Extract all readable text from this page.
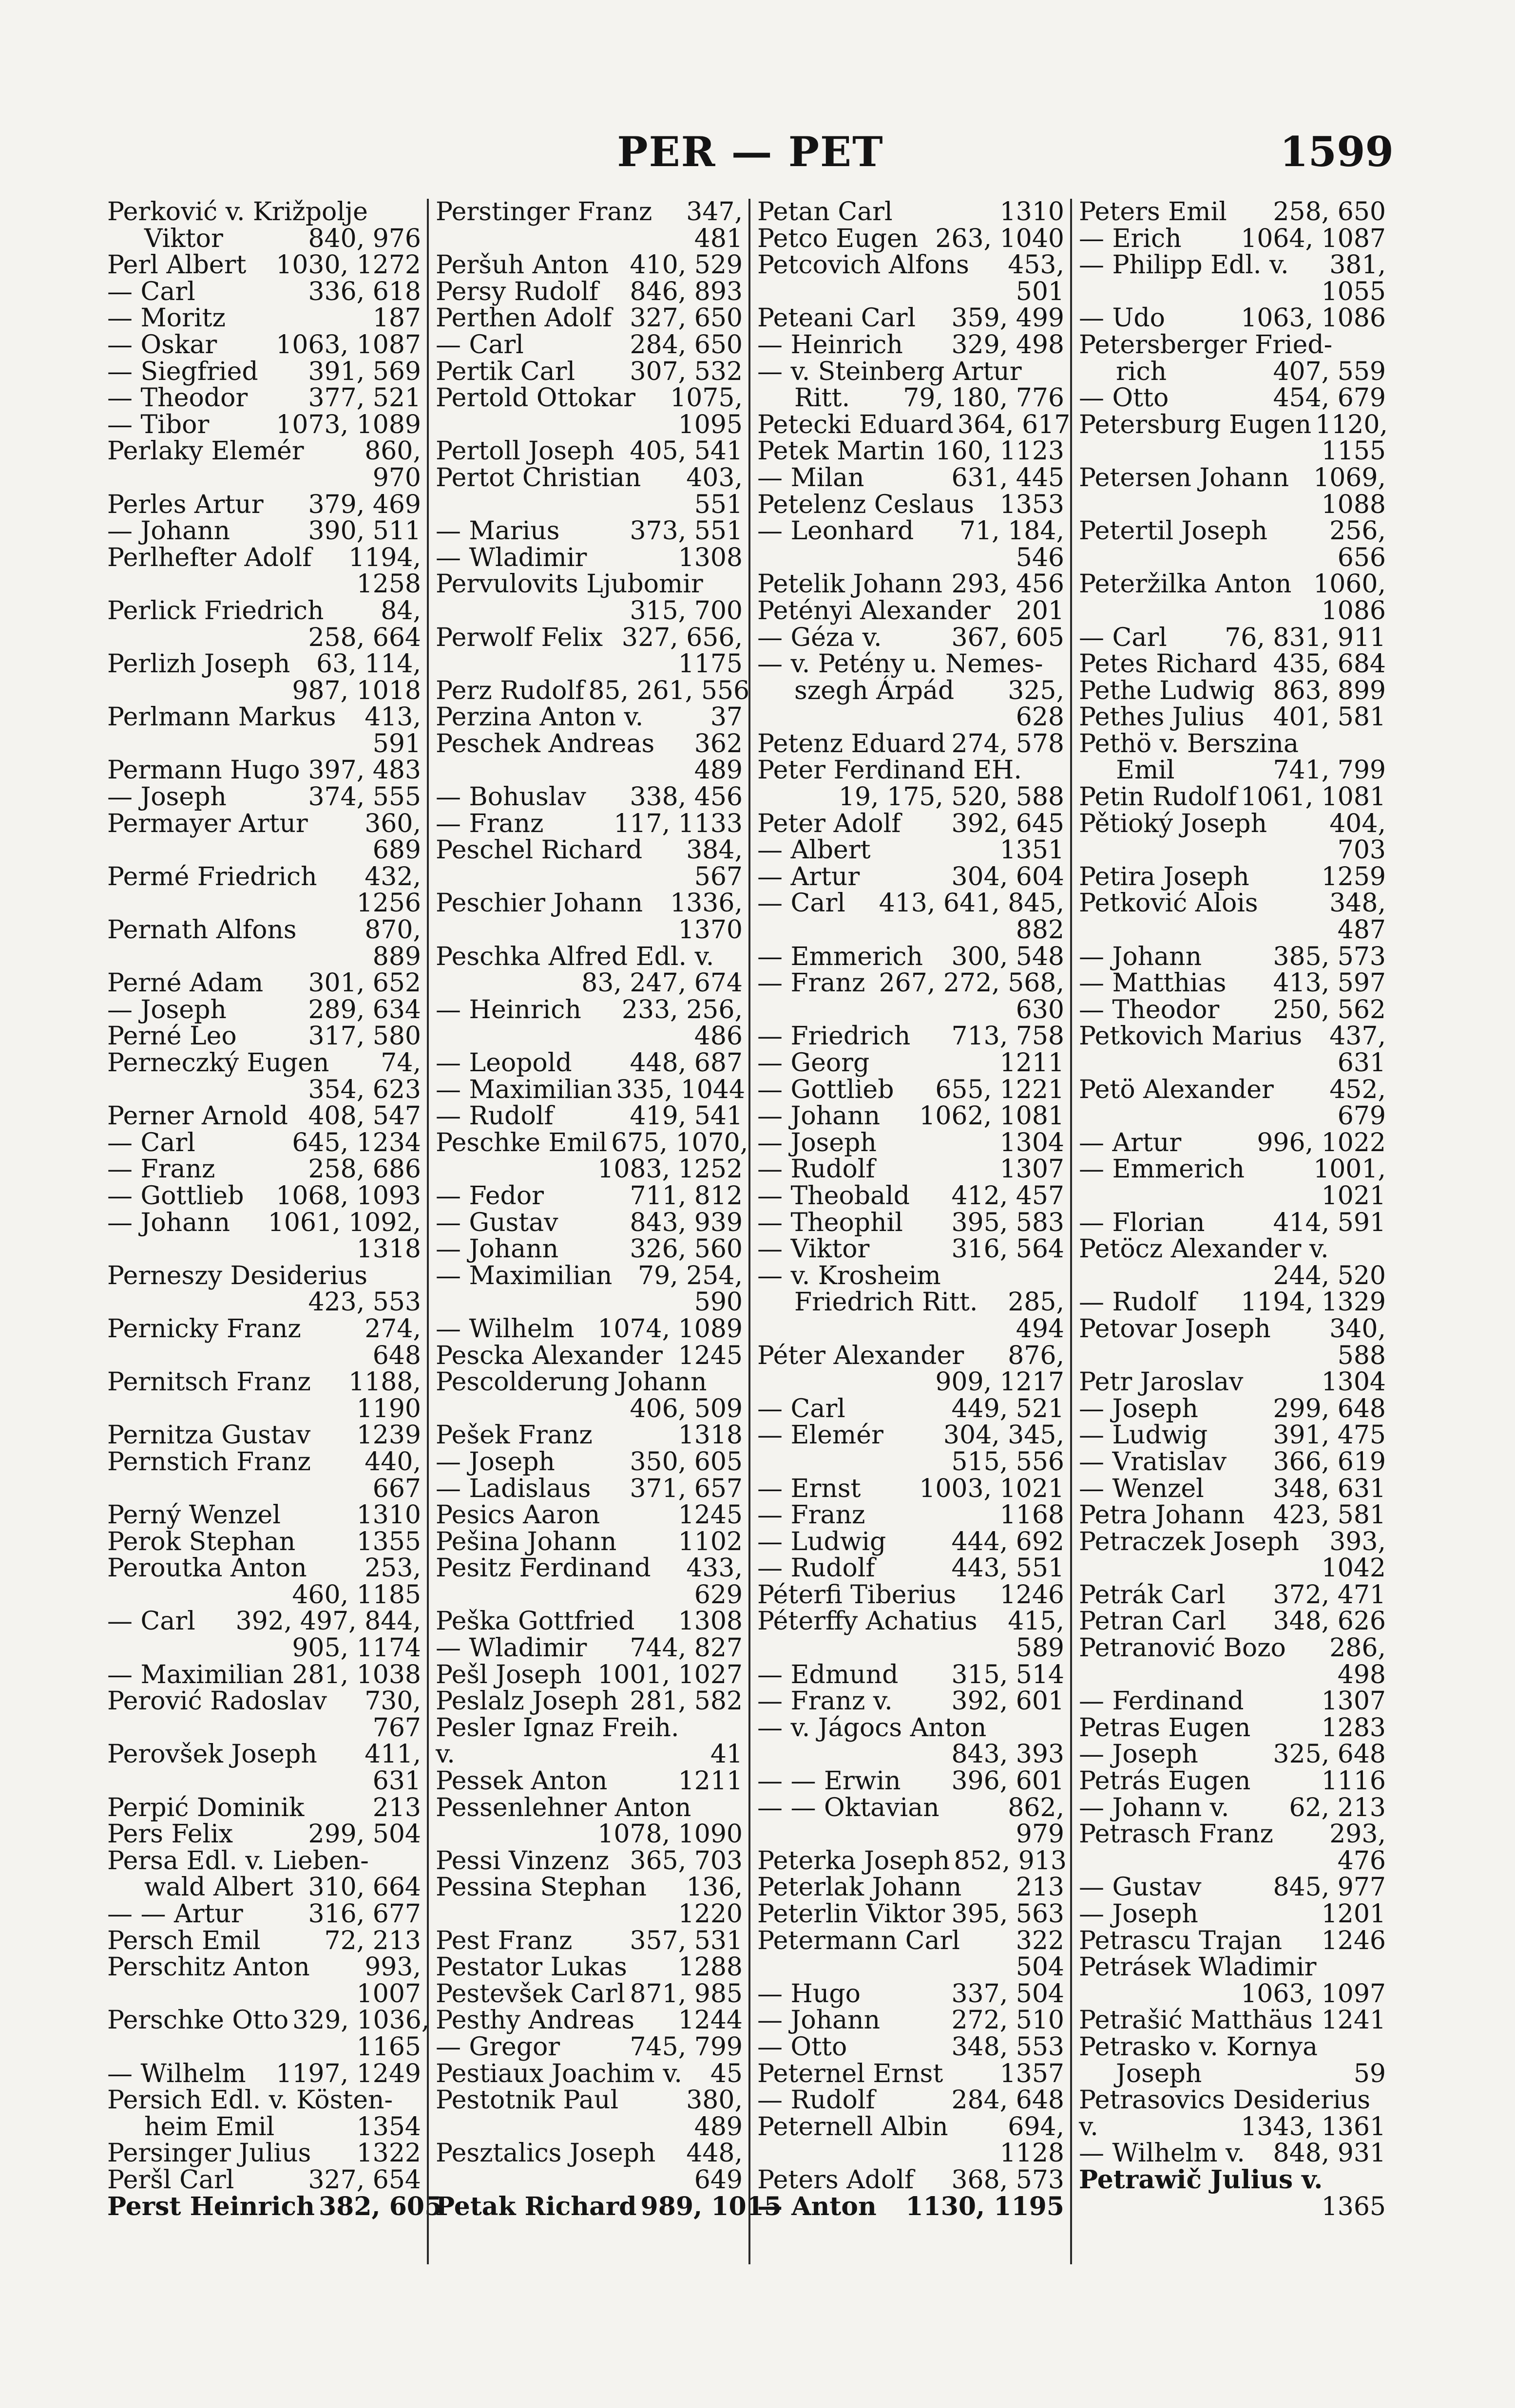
PER — PET	1599
Perković v. Križpolje
Viktor	840, 976
Perl Albert 1030, 1272
— Carl	336, 618
— Moritz	187
— Oskar 1063, 1087
— Siegfried 391, 569
— Theodor 377, 521
— Tibor	1073, 1089
Perlaky Elemér 860,
970
Perles Artur 379, 469
— Johann	390, 511
Perlhefter Adolf 1194,
1258
Perlick Friedrich 84,
258, 664
Perlizh Joseph 63, 114,
987, 1018
Perlmann Markus 413,
591
Permann Hugo 397, 483
— Joseph	374, 555
Permayer Artur 360,
689
Permé Friedrich 432,
1256
Pernath Alfons	870,
889
Perné Adam 301, 652
— Joseph	289, 634
Perné Leo	317, 580
Perneczký Eugen 74,
354, 623
Perner Arnold 408, 547
— Carl	645, 1234
— Franz	258, 686
— Gottlieb 1068, 1093
— Johann 1061, 1092,
1318
Perneszy Desiderius
423, 553
Pernicky Franz	274,
648
Pernitsch Franz 1188,
1190
Pernitza Gustav 1239
Pernstich Franz 440,
667
Perný Wenzel	1310
Perok Stephan 1355
Peroutka Anton 253,
460, 1185
— Carl 392, 497, 844,
905, 1174
— Maximilian 281, 1038
Perović Radoslav 730,
767
Perovšek Joseph 411,
631
Perpić Dominik	213
Pers Felix	299, 504
Persa Edl. v. Lieben-
wald Albert 310, 664
— — Artur	316, 677
Persch Emil	72, 213
Perschitz Anton 993,
1007
Perschke Otto 329, 1036,
1165
— Wilhelm 1197, 1249
Persich Edl. v. Kösten-
heim Emil	1354
Persinger Julius 1322
Peršl Carl	327, 654
Perst Heinrich 382, 605
Perstinger Franz 347,
481
Peršuh Anton 410, 529
Persy Rudolf 846, 893
Perthen Adolf 327, 650
— Carl	284, 650
Pertik Carl 307, 532
Pertold Ottokar 1075,
1095
Pertoll Joseph 405, 541
Pertot Christian 403,
551
— Marius	373, 551
— Wladimir	1308
Pervulovits Ljubomir
315, 700
Perwolf Felix 327, 656,
1175
Perz Rudolf 85, 261, 556
Perzina Anton v.	37
Peschek Andreas 362
489
— Bohuslav 338, 456
— Franz	117, 1133
Peschel Richard 384,
567
Peschier Johann 1336,
1370
Peschka Alfred Edl. v.
83, 247, 674
— Heinrich 233, 256,
486
— Leopold 448, 687
— Maximilian 335, 1044
— Rudolf	419, 541
Peschke Emil 675, 1070,
1083, 1252
— Fedor	711, 812
— Gustav	843, 939
— Johann	326, 560
— Maximilian 79, 254,
590
— Wilhelm 1074, 1089
Pescka Alexander 1245
Pescolderung Johann
406, 509
Pešek Franz	1318
— Joseph	350, 605
— Ladislaus 371, 657
Pesics Aaron	1245
Pešina Johann 1102
Pesitz Ferdinand 433,
629
Peška Gottfried 1308
— Wladimir 744, 827
Pešl Joseph 1001, 1027
Peslalz Joseph 281, 582
Pesler Ignaz Freih.
v.	41
Pessek Anton	1211
Pessenlehner Anton
1078, 1090
Pessi Vinzenz 365, 703
Pessina Stephan 136,
1220
Pest Franz 357, 531
Pestator Lukas 1288
Pestevšek Carl 871, 985
Pesthy Andreas 1244
— Gregor	745, 799
Pestiaux Joachim v. 45
Pestotnik Paul	380,
489
Pesztalics Joseph 448,
649
Petak Richard 989, 1015
Petan Carl	1310
Petco Eugen 263, 1040
Petcovich Alfons 453,
501
Peteani Carl 359, 499
— Heinrich 329, 498
— v. Steinberg Artur
Ritt. 79, 180, 776
Petecki Eduard 364, 617
Petek Martin 160, 1123
— Milan	631, 445
Petelenz Ceslaus 1353
— Leonhard 71, 184,
546
Petelik Johann 293, 456
Petényi Alexander 201
— Géza v.	367, 605
— v. Petény u. Nemes-
szegh Árpád 325,
628
Petenz Eduard 274, 578
Peter Ferdinand EH.
19, 175, 520, 588
Peter Adolf 392, 645
— Albert	1351
— Artur	304, 604
— Carl 413, 641, 845,
882
— Emmerich 300, 548
— Franz 267, 272, 568,
630
— Friedrich 713, 758
— Georg	1211
— Gottlieb 655, 1221
— Johann 1062, 1081
— Joseph	1304
— Rudolf	1307
— Theobald 412, 457
— Theophil 395, 583
— Viktor	316, 564
— v. Krosheim
Friedrich Ritt. 285,
494
Péter Alexander 876,
909, 1217
— Carl	449, 521
— Elemér 304, 345,
515, 556
— Ernst 1003, 1021
— Franz	1168
— Ludwig	444, 692
— Rudolf	443, 551
Péterfi Tiberius 1246
Péterffy Achatius 415,
589
— Edmund 315, 514
— Franz v. 392, 601
— v. Jágocs Anton
843, 393
— — Erwin 396, 601
— — Oktavian	862,
979
Peterka Joseph 852, 913
Peterlak Johann 213
Peterlin Viktor 395, 563
Petermann Carl 322
504
— Hugo	337, 504
— Johann	272, 510
— Otto	348, 553
Peternel Ernst 1357
— Rudolf	284, 648
Peternell Albin 694,
1128
Peters Adolf 368, 573
— Anton 1130, 1195
Peters Emil 258, 650
— Erich 1064, 1087
— Philipp Edl. v. 381,
1055
— Udo	1063, 1086
Petersberger Fried-
rich	407, 559
— Otto	454, 679
Petersburg Eugen 1120,
1155
Petersen Johann 1069,
1088
Petertil Joseph 256,
656
Peteržilka Anton 1060,
1086
— Carl 76, 831, 911
Petes Richard 435, 684
Pethe Ludwig 863, 899
Pethes Julius 401, 581
Pethö v. Berszina
Emil	741, 799
Petin Rudolf 1061, 1081
Pětioký Joseph 404,
703
Petira Joseph	1259
Petković Alois	348,
487
— Johann	385, 573
— Matthias 413, 597
— Theodor 250, 562
Petkovich Marius 437,
631
Petö Alexander 452,
679
— Artur	996, 1022
— Emmerich	1001,
1021
— Florian	414, 591
Petöcz Alexander v.
244, 520
— Rudolf 1194, 1329
Petovar Joseph 340,
588
Petr Jaroslav	1304
— Joseph	299, 648
— Ludwig	391, 475
— Vratislav 366, 619
— Wenzel	348, 631
Petra Johann 423, 581
Petraczek Joseph 393,
1042
Petrák Carl 372, 471
Petran Carl 348, 626
Petranović Bozo 286,
498
— Ferdinand	1307
Petras Eugen	1283
— Joseph	325, 648
Petrás Eugen	1116
— Johann v. 62, 213
Petrasch Franz 293,
476
— Gustav	845, 977
— Joseph	1201
Petrascu Trajan 1246
Petrásek Wladimir
1063, 1097
Petrašić Matthäus 1241
Petrasko v. Kornya
Joseph	59
Petrasovics Desiderius
v.	1343, 1361
— Wilhelm v. 848, 931
Petrawič Julius v.
1365
